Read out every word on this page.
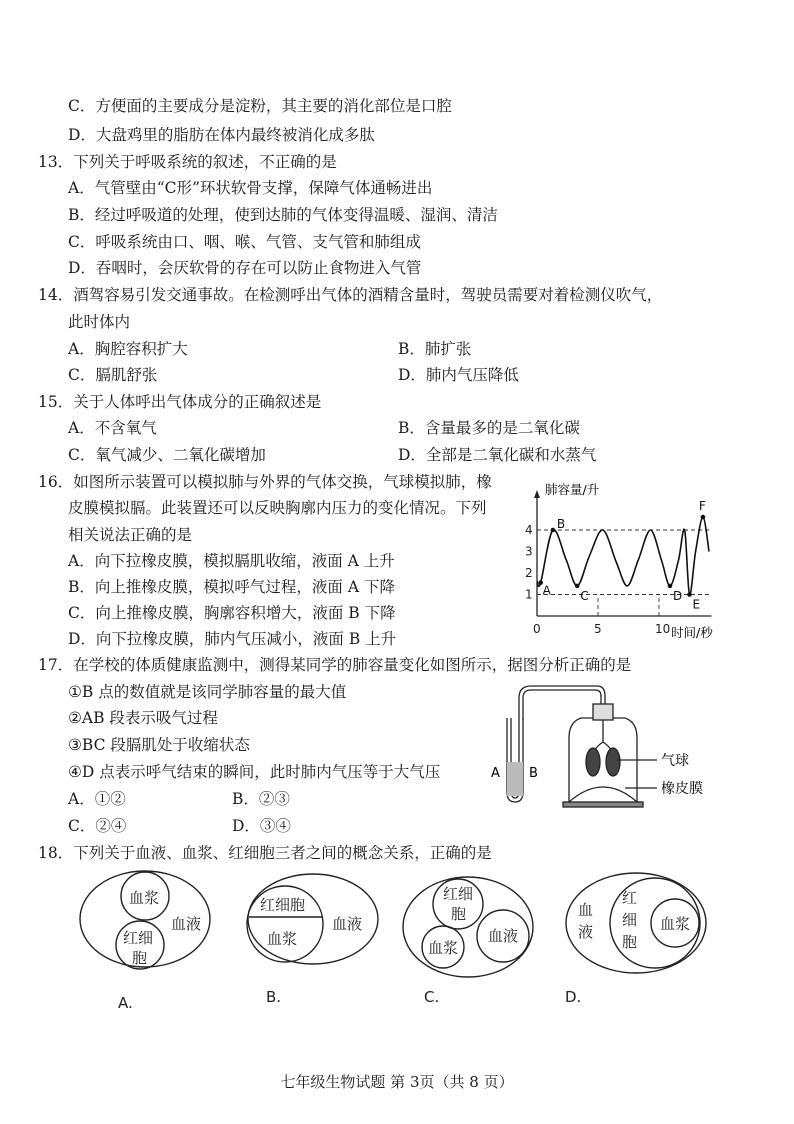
C．方便面的主要成分是淀粉，其主要的消化部位是口腔
D．大盘鸡里的脂肪在体内最终被消化成多肽
13．下列关于呼吸系统的叙述，不正确的是
A．气管壁由“C形”环状软骨支撑，保障气体通畅进出
B．经过呼吸道的处理，使到达肺的气体变得温暖、湿润、清洁
C．呼吸系统由口、咽、喉、气管、支气管和肺组成
D．吞咽时，会厌软骨的存在可以防止食物进入气管
14．酒驾容易引发交通事故。在检测呼出气体的酒精含量时，驾驶员需要对着检测仪吹气，
此时体内
A．胸腔容积扩大	B．肺扩张
C．膈肌舒张	D．肺内气压降低
15．关于人体呼出气体成分的正确叙述是
A．不含氧气	B．含量最多的是二氧化碳
C．氧气减少、二氧化碳增加	D．全部是二氧化碳和水蒸气
16．如图所示装置可以模拟肺与外界的气体交换，气球模拟肺，橡
皮膜模拟膈。此装置还可以反映胸廓内压力的变化情况。下列
相关说法正确的是
A．向下拉橡皮膜，模拟膈肌收缩，液面 A 上升
B．向上推橡皮膜，模拟呼气过程，液面 A 下降
C．向上推橡皮膜，胸廓容积增大，液面 B 下降
D．向下拉橡皮膜，肺内气压减小，液面 B 上升
1
2
3
4
0	5	10
A
B
C	D
E
F
肺容量/升
时间/秒
17．在学校的体质健康监测中，测得某同学的肺容量变化如图所示，据图分析正确的是
①B 点的数值就是该同学肺容量的最大值
②AB 段表示吸气过程
③BC 段膈肌处于收缩状态
④D 点表示呼气结束的瞬间，此时肺内气压等于大气压
A．①②	B．②③
C．②④	D．③④
A B
气球
橡皮膜
18．下列关于血液、血浆、红细胞三者之间的概念关系，正确的是
血浆
血液
红细
胞
红细胞
血浆
血液
红细
胞
血浆
血液
血
液
红
细
胞
血浆
A.	B.	C.	D.
七年级生物试题 第 3页（共 8 页）
